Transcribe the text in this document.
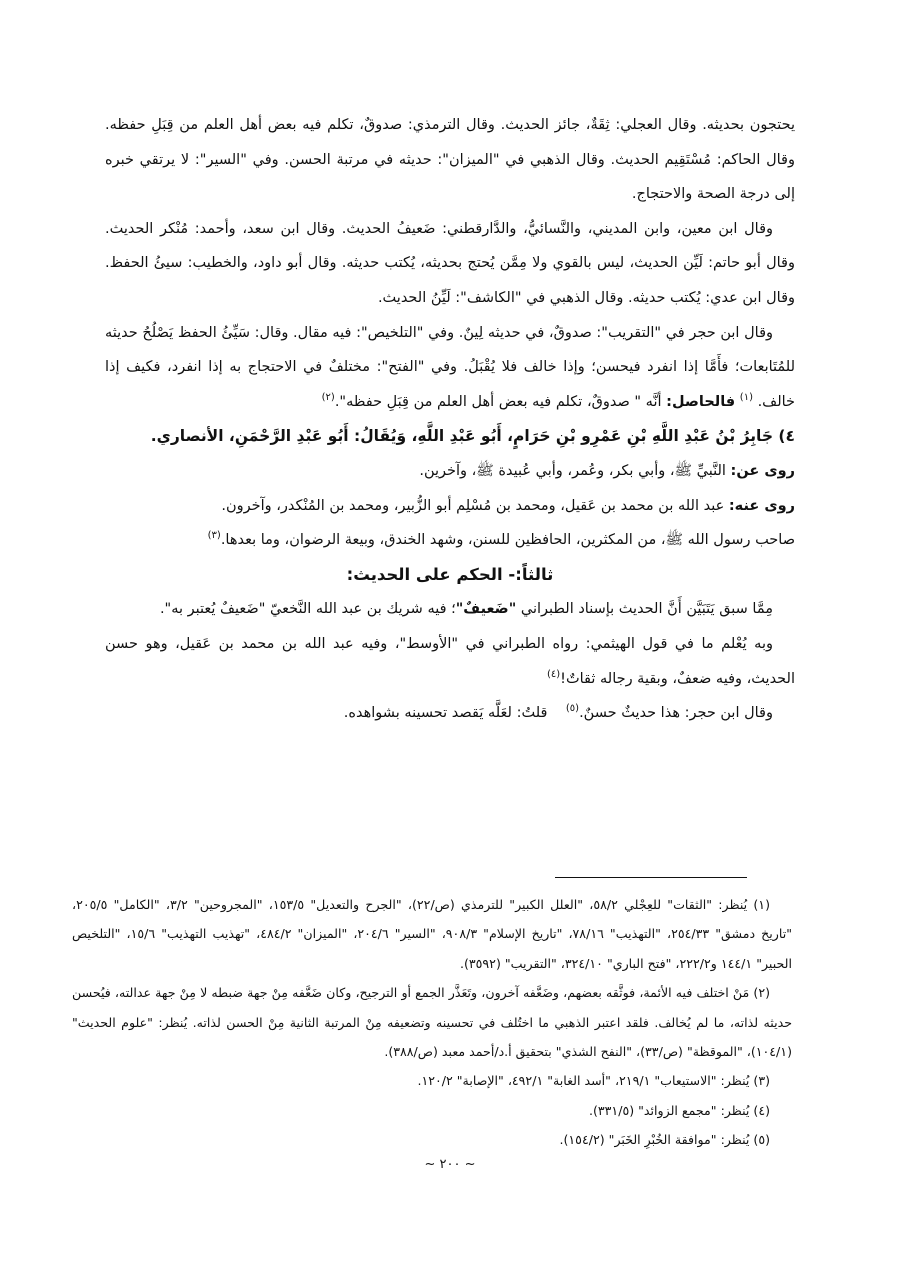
يحتجون بحديثه. وقال العجلي: ثِقَةٌ، جائز الحديث. وقال الترمذي: صدوقٌ، تكلم فيه بعض أهل العلم من قِبَلِ حفظه. وقال الحاكم: مُسْتَقِيم الحديث. وقال الذهبي في "الميزان": حديثه في مرتبة الحسن. وفي "السير": لا يرتقي خبره إلى درجة الصحة والاحتجاج.

وقال ابن معين، وابن المديني، والنَّسائيُّ، والدَّارقطني: ضَعيفُ الحديث. وقال ابن سعد، وأحمد: مُنْكر الحديث. وقال أبو حاتم: لَيِّن الحديث، ليس بالقوي ولا مِمَّن يُحتج بحديثه، يُكتب حديثه. وقال أبو داود، والخطيب: سيئُ الحفظ. وقال ابن عدي: يُكتب حديثه. وقال الذهبي في "الكاشف": لَيِّنُ الحديث.

وقال ابن حجر في "التقريب": صدوقٌ، في حديثه لِينٌ. وفي "التلخيص": فيه مقال. وقال: سَيِّئُ الحفظ يَصْلُحُ حديثه للمُتَابعات؛ فأَمَّا إذا انفرد فيحسن؛ وإذا خالف فلا يُقْبَلُ. وفي "الفتح": مختلفٌ في الاحتجاج به إذا انفرد، فكيف إذا خالف. $^{(١)}$ فالحاصل: أنَّه " صدوقٌ، تكلم فيه بعض أهل العلم من قِبَلِ حفظه".$^{(٢)}$

٤) جَابِرُ بْنُ عَبْدِ اللَّهِ بْنِ عَمْرِو بْنِ حَرَامٍ، أَبُو عَبْدِ اللَّهِ، وَيُقَالُ: أَبُو عَبْدِ الرَّحْمَنِ، الأنصاري.

روى عن: النَّبيِّ ﷺ، وأبي بكر، وعُمر، وأبي عُبيدة ﷺ، وآخرين.

روى عنه: عبد الله بن محمد بن عَقيل، ومحمد بن مُسْلِم أبو الزُّبير، ومحمد بن المُنْكدر، وآخرون.

صاحب رسول الله ﷺ، من المكثرين، الحافظين للسنن، وشهد الخندق، وبيعة الرضوان، وما بعدها.$^{(٣)}$

ثالثاً:- الحكم على الحديث:

مِمَّا سبق يَتَبَيَّن أَنَّ الحديث بإسناد الطبراني "ضَعيفٌ"؛ فيه شريك بن عبد الله النَّخعيّ "ضَعيفٌ يُعتبر به".

وبه يُعْلم ما في قول الهيثمي: رواه الطبراني في "الأوسط"، وفيه عبد الله بن محمد بن عَقيل، وهو حسن الحديث، وفيه ضعفٌ، وبقية رجاله ثقاتٌ!$^{(٤)}$

وقال ابن حجر: هذا حديثٌ حسنٌ.$^{(٥)}$    قلتُ: لعَلَّه يَقصد تحسينه بشواهده.

(١) يُنظر: "الثقات" للعِجْلي ٥٨/٢، "العلل الكبير" للترمذي (ص/٢٢)، "الجرح والتعديل" ١٥٣/٥، "المجروحين" ٣/٢، "الكامل" ٢٠٥/٥، "تاريخ دمشق" ٢٥٤/٣٣، "التهذيب" ٧٨/١٦، "تاريخ الإسلام" ٩٠٨/٣، "السير" ٢٠٤/٦، "الميزان" ٤٨٤/٢، "تهذيب التهذيب" ١٥/٦، "التلخيص الحبير" ١٤٤/١ و٢٢٢/٢، "فتح الباري" ٣٢٤/١٠، "التقريب" (٣٥٩٢).

(٢) مَنْ اختلف فيه الأئمة، فوثَّقه بعضهم، وضَعَّفه آخرون، وتَعَذَّر الجمع أو الترجيح، وكان ضَعَّفه مِنْ جهة ضبطه لا مِنْ جهة عدالته، فيُحسن حديثه لذاته، ما لم يُخالف. فلقد اعتبر الذهبي ما اختُلف في تحسينه وتضعيفه مِنْ المرتبة الثانية مِنْ الحسن لذاته. يُنظر: "علوم الحديث" (١٠٤/١)، "الموقظة" (ص/٣٣)، "النفح الشذي" بتحقيق أ.د/أحمد معبد (ص/٣٨٨).

(٣) يُنظر: "الاستيعاب" ٢١٩/١، "أسد الغابة" ٤٩٢/١، "الإصابة" ١٢٠/٢.

(٤) يُنظر: "مجمع الزوائد" (٣٣١/٥).

(٥) يُنظر: "موافقة الخُبْرِ الخَبَر" (١٥٤/٢).

~ ٢٠٠ ~
